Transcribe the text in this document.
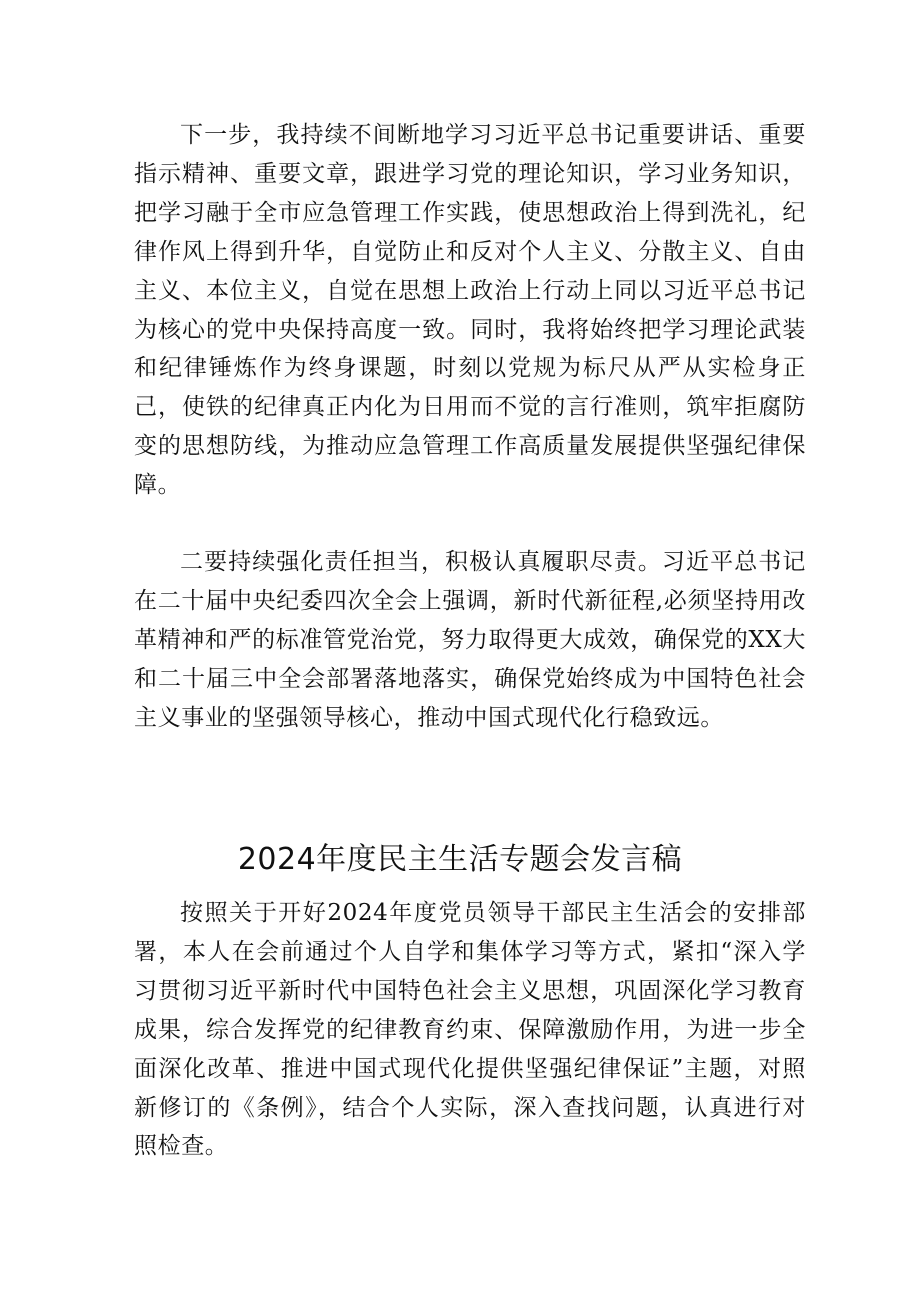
下一步，我持续不间断地学习习近平总书记重要讲话、重要指示精神、重要文章，跟进学习党的理论知识，学习业务知识，把学习融于全市应急管理工作实践，使思想政治上得到洗礼，纪律作风上得到升华，自觉防止和反对个人主义、分散主义、自由主义、本位主义，自觉在思想上政治上行动上同以习近平总书记为核心的党中央保持高度一致。同时，我将始终把学习理论武装和纪律锤炼作为终身课题，时刻以党规为标尺从严从实检身正己，使铁的纪律真正内化为日用而不觉的言行准则，筑牢拒腐防变的思想防线，为推动应急管理工作高质量发展提供坚强纪律保障。

二要持续强化责任担当，积极认真履职尽责。习近平总书记在二十届中央纪委四次全会上强调，新时代新征程,必须坚持用改革精神和严的标准管党治党，努力取得更大成效，确保党的XX大和二十届三中全会部署落地落实，确保党始终成为中国特色社会主义事业的坚强领导核心，推动中国式现代化行稳致远。

2024年度民主生活专题会发言稿

按照关于开好2024年度党员领导干部民主生活会的安排部署，本人在会前通过个人自学和集体学习等方式，紧扣“深入学习贯彻习近平新时代中国特色社会主义思想，巩固深化学习教育成果，综合发挥党的纪律教育约束、保障激励作用，为进一步全面深化改革、推进中国式现代化提供坚强纪律保证”主题，对照新修订的《条例》，结合个人实际，深入查找问题，认真进行对照检查。
